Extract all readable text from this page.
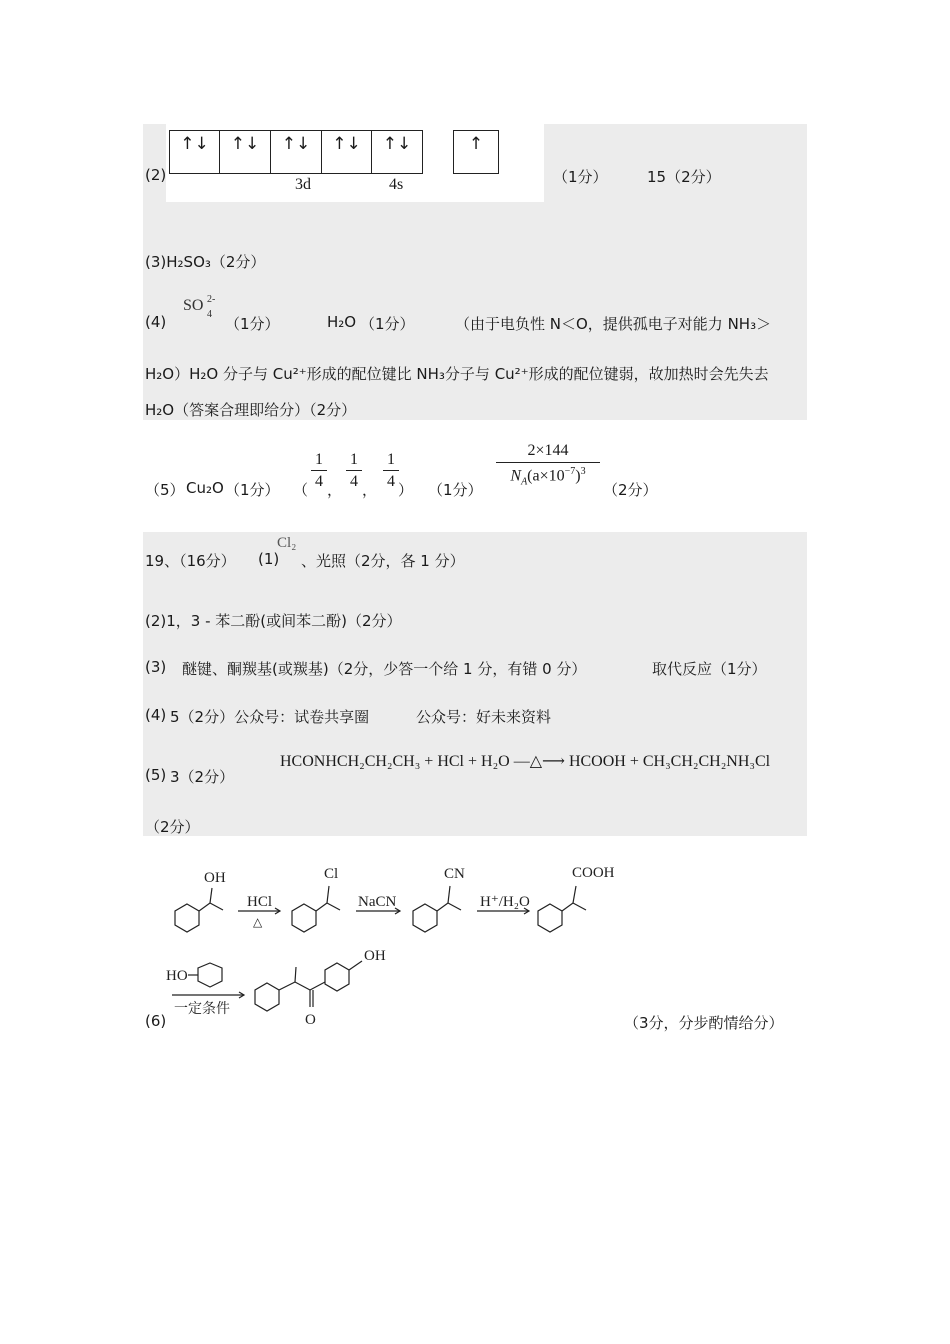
(2)
↑↓	↑↓	↑↓	↑↓	↑↓	↑
3d	4s	（1分）	15（2分）
(3)H₂SO₃（2分）
(4)
SO 2-
4
（1分）	H₂O （1分）	（由于电负性 N＜O，提供孤电子对能力 NH₃＞
H₂O）H₂O 分子与 Cu²⁺形成的配位键比 NH₃分子与 Cu²⁺形成的配位键弱，故加热时会先失去
H₂O（答案合理即给分）（2分）
（5） Cu₂O （1分） （ $\frac{1}{4}$ ， $\frac{1}{4}$ ， $\frac{1}{4}$ ） （1分）
$\frac{2\times 144}{N_A(a\times 10^{-7})^3}$
（2分）
19、（16分） (1)
Cl₂
、光照（2分，各 1 分）
(2)1，3 - 苯二酚(或间苯二酚)（2分）
(3) 醚键、酮羰基(或羰基)（2分，少答一个给 1 分，有错 0 分）	取代反应（1分）
(4) 5（2分）公众号：试卷共享圈	公众号：好未来资料
(5) 3（2分）
HCONHCH₂CH₂CH₃ + HCl + H₂O —△⟶ HCOOH + CH₃CH₂CH₂NH₃Cl
（2分）
OH
HCl
△
Cl
NaCN
CN
H⁺/H₂O
COOH
HO
O
OH
一定条件
(6)	（3分，分步酌情给分）
